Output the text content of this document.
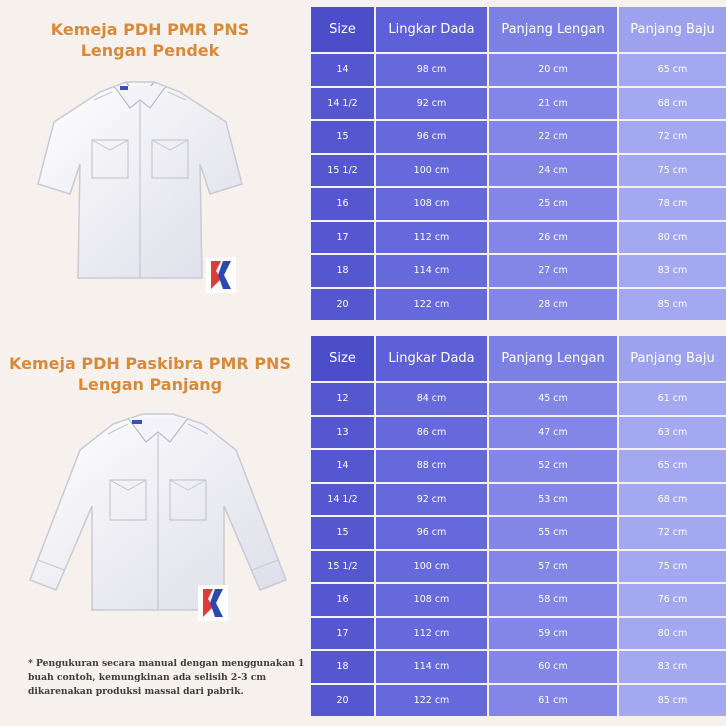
Kemeja PDH PMR PNS
Lengan Pendek
Kemeja PDH Paskibra PMR PNS
Lengan Panjang
* Pengukuran secara manual dengan menggunakan 1 buah contoh, kemungkinan ada selisih 2-3 cm dikarenakan produksi massal dari pabrik.
Size	Lingkar Dada	Panjang Lengan	Panjang Baju
14	98 cm	20 cm	65 cm
14 1/2	92 cm	21 cm	68 cm
15	96 cm	22 cm	72 cm
15 1/2	100 cm	24 cm	75 cm
16	108 cm	25 cm	78 cm
17	112 cm	26 cm	80 cm
18	114 cm	27 cm	83 cm
20	122 cm	28 cm	85 cm
Size	Lingkar Dada	Panjang Lengan	Panjang Baju
12	84 cm	45 cm	61 cm
13	86 cm	47 cm	63 cm
14	88 cm	52 cm	65 cm
14 1/2	92 cm	53 cm	68 cm
15	96 cm	55 cm	72 cm
15 1/2	100 cm	57 cm	75 cm
16	108 cm	58 cm	76 cm
17	112 cm	59 cm	80 cm
18	114 cm	60 cm	83 cm
20	122 cm	61 cm	85 cm
